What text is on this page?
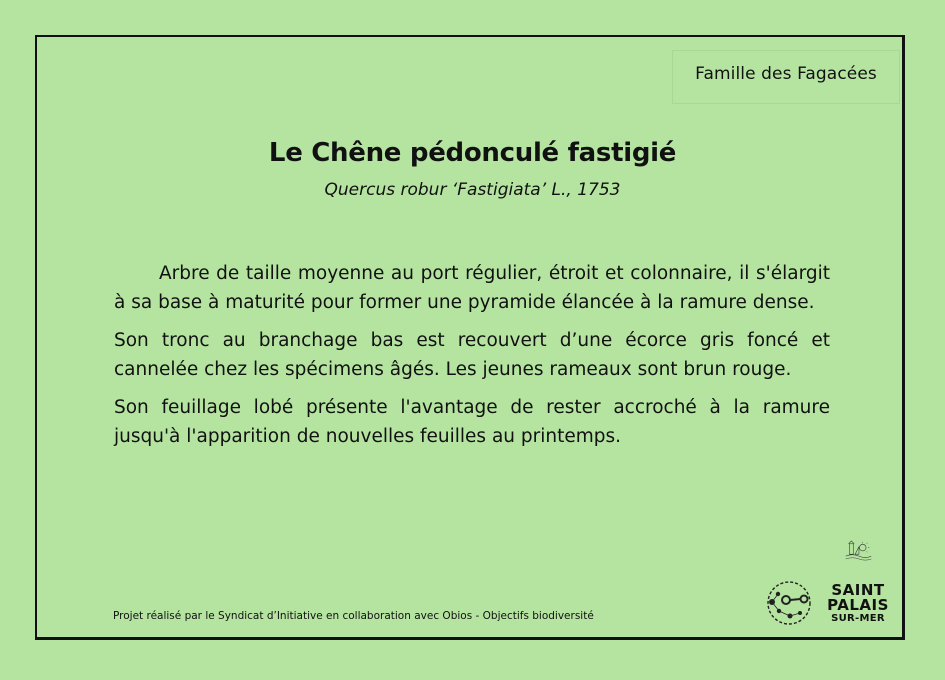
Famille des Fagacées
Le Chêne pédonculé fastigié
Quercus robur ‘Fastigiata’ L., 1753

Arbre de taille moyenne au port régulier, étroit et colonnaire, il s'élargit à sa base à maturité pour former une pyramide élancée à la ramure dense.

Son tronc au branchage bas est recouvert d’une écorce gris foncé et cannelée chez les spécimens âgés. Les jeunes rameaux sont brun rouge.

Son feuillage lobé présente l'avantage de rester accroché à la ramure jusqu'à l'apparition de nouvelles feuilles au printemps.

Projet réalisé par le Syndicat d’Initiative en collaboration avec Obios - Objectifs biodiversité
SAINT
PALAIS
SUR-MER
